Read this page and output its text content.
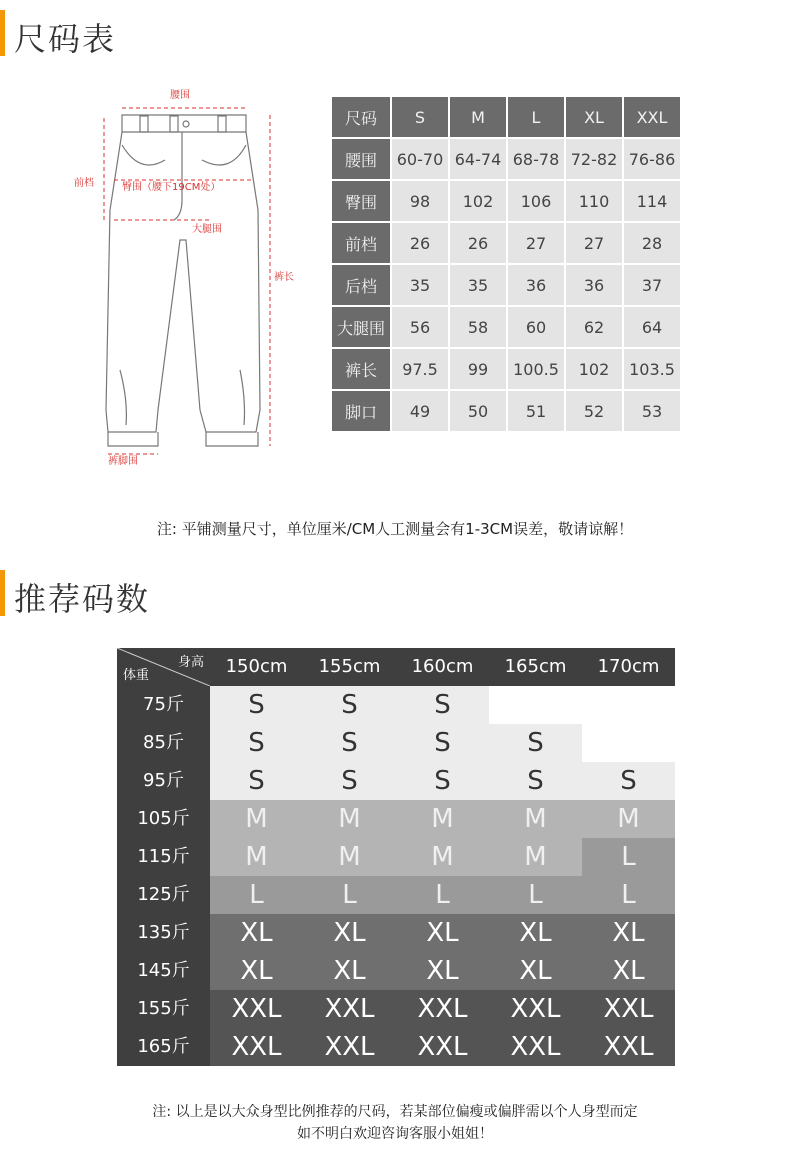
尺码表
腰围
前档	臀围（腰下19CM处）
大腿围
裤长
裤脚围
尺码	S	M	L	XL	XXL
腰围	60-70	64-74	68-78	72-82	76-86
臀围	98	102	106	110	114
前档	26	26	27	27	28
后档	35	35	36	36	37
大腿围	56	58	60	62	64
裤长	97.5	99	100.5	102	103.5
脚口	49	50	51	52	53
注: 平铺测量尺寸，单位厘米/CM人工测量会有1-3CM误差，敬请谅解！
推荐码数
身高
体重	150cm	155cm	160cm	165cm	170cm
75斤	S	S	S
85斤	S	S	S	S
95斤	S	S	S	S	S
105斤	M	M	M	M	M
115斤	M	M	M	M	L
125斤	L	L	L	L	L
135斤	XL	XL	XL	XL	XL
145斤	XL	XL	XL	XL	XL
155斤	XXL	XXL	XXL	XXL	XXL
165斤	XXL	XXL	XXL	XXL	XXL
注: 以上是以大众身型比例推荐的尺码，若某部位偏瘦或偏胖需以个人身型而定
如不明白欢迎咨询客服小姐姐！
